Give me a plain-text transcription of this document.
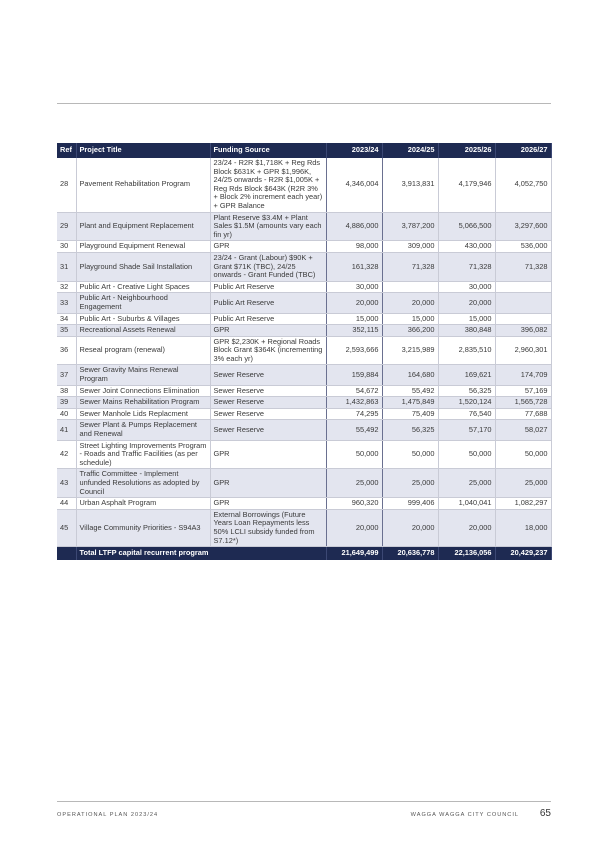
Ref	Project Title	Funding Source	2023/24	2024/25	2025/26	2026/27
28	Pavement Rehabilitation Program	23/24 - R2R $1,718K + Reg Rds Block $631K + GPR $1,996K, 24/25 onwards - R2R $1,005K + Reg Rds Block $643K (R2R 3% + Block 2% increment each year) + GPR Balance	4,346,004	3,913,831	4,179,946	4,052,750
29	Plant and Equipment Replacement	Plant Reserve $3.4M + Plant Sales $1.5M (amounts vary each fin yr)	4,886,000	3,787,200	5,066,500	3,297,600
30	Playground Equipment Renewal	GPR	98,000	309,000	430,000	536,000
31	Playground Shade Sail Installation	23/24 - Grant (Labour) $90K + Grant $71K (TBC), 24/25 onwards - Grant Funded (TBC)	161,328	71,328	71,328	71,328
32	Public Art - Creative Light Spaces	Public Art Reserve	30,000		30,000	
33	Public Art - Neighbourhood Engagement	Public Art Reserve	20,000	20,000	20,000	
34	Public Art - Suburbs & Villages	Public Art Reserve	15,000	15,000	15,000	
35	Recreational Assets Renewal	GPR	352,115	366,200	380,848	396,082
36	Reseal program (renewal)	GPR $2,230K + Regional Roads Block Grant $364K (incrementing 3% each yr)	2,593,666	3,215,989	2,835,510	2,960,301
37	Sewer Gravity Mains Renewal Program	Sewer Reserve	159,884	164,680	169,621	174,709
38	Sewer Joint Connections Elimination	Sewer Reserve	54,672	55,492	56,325	57,169
39	Sewer Mains Rehabilitation Program	Sewer Reserve	1,432,863	1,475,849	1,520,124	1,565,728
40	Sewer Manhole Lids Replacment	Sewer Reserve	74,295	75,409	76,540	77,688
41	Sewer Plant & Pumps Replacement and Renewal	Sewer Reserve	55,492	56,325	57,170	58,027
42	Street Lighting Improvements Program - Roads and Traffic Facilities (as per schedule)	GPR	50,000	50,000	50,000	50,000
43	Traffic Committee - Implement unfunded Resolutions as adopted by Council	GPR	25,000	25,000	25,000	25,000
44	Urban Asphalt Program	GPR	960,320	999,406	1,040,041	1,082,297
45	Village Community Priorities - S94A3	External Borrowings (Future Years Loan Repayments less 50% LCLI subsidy funded from S7.12*)	20,000	20,000	20,000	18,000
	Total LTFP capital recurrent program		21,649,499	20,636,778	22,136,056	20,429,237
OPERATIONAL PLAN 2023/24	WAGGA WAGGA CITY COUNCIL 65
